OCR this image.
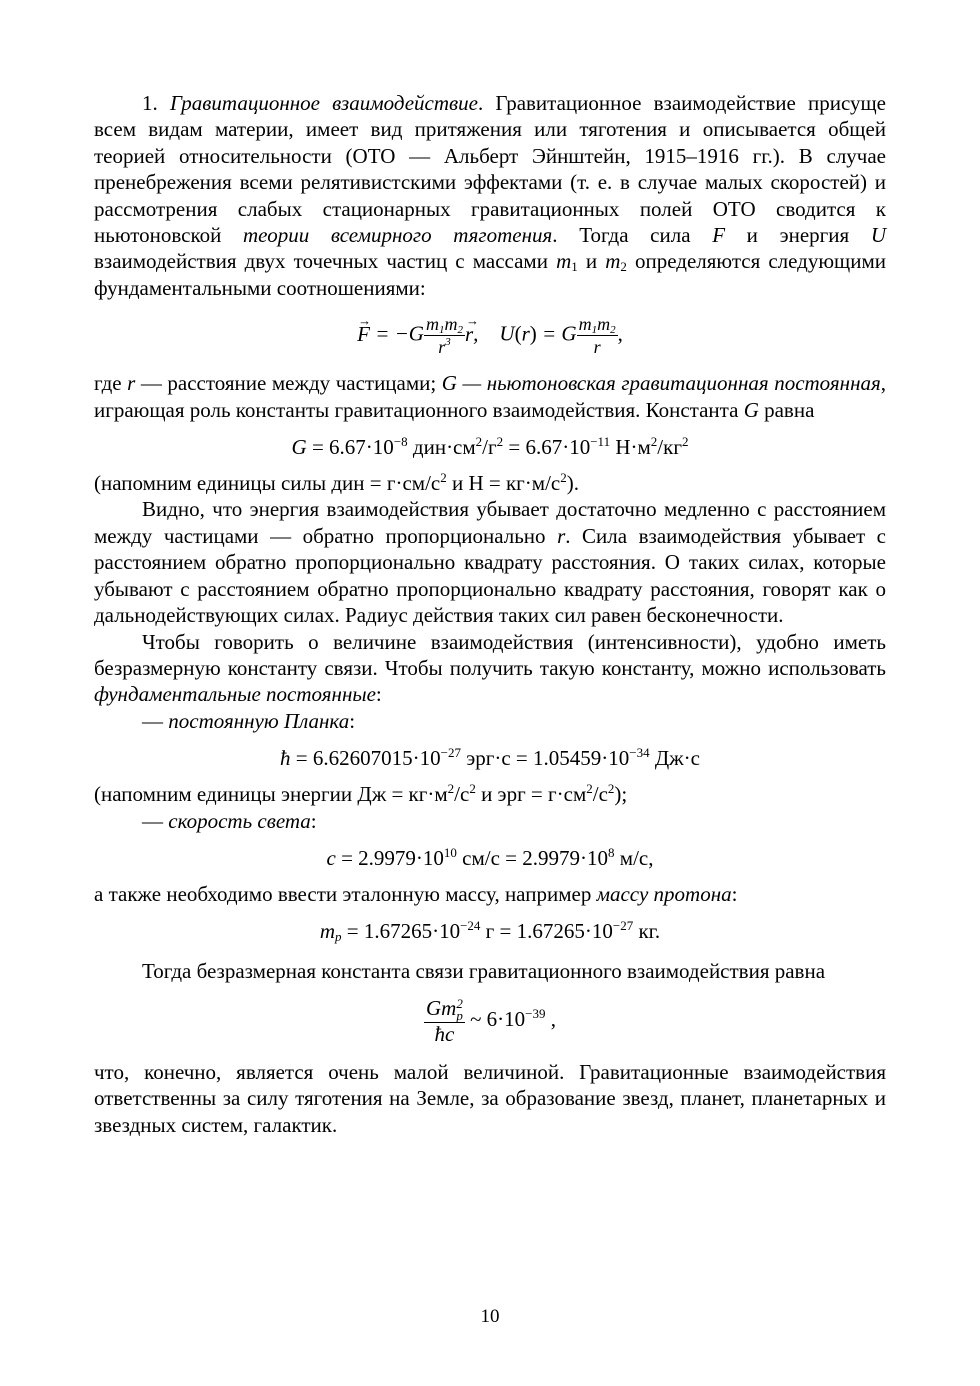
1. Гравитационное взаимодействие. Гравитационное взаимодействие присуще всем видам материи, имеет вид притяжения или тяготения и описывается общей теорией относительности (ОТО — Альберт Эйнштейн, 1915–1916 гг.). В случае пренебрежения всеми релятивистскими эффектами (т. е. в случае малых скоростей) и рассмотрения слабых стационарных гравитационных полей ОТО сводится к ньютоновской теории всемирного тяготения. Тогда сила F и энергия U взаимодействия двух точечных частиц с массами $m_1$ и $m_2$ определяются следующими фундаментальными соотношениями:

→ $F = -G \frac{m_1m_2}{r^3}$
→ r, U(r) = G $\frac{m_1m_2}{r}$ ,

где r — расстояние между частицами; G — ньютоновская гравитационная постоянная, играющая роль константы гравитационного взаимодействия. Константа G равна

$G = 6.67\cdot 10^{-8}$ $дин\cdot см^2/г^2 = 6.67\cdot 10^{-11}$ $Н\cdot м^2/кг^2$

(напомним единицы силы дин = $г\cdot см/с^2$ и $Н = кг\cdot м/с^2$).

Видно, что энергия взаимодействия убывает достаточно медленно с расстоянием между частицами — обратно пропорционально r. Сила взаимодействия убывает с расстоянием обратно пропорционально квадрату расстояния. О таких силах, которые убывают с расстоянием обратно пропорционально квадрату расстояния, говорят как о дальнодействующих силах. Радиус действия таких сил равен бесконечности.

Чтобы говорить о величине взаимодействия (интенсивности), удобно иметь безразмерную константу связи. Чтобы получить такую константу, можно использовать фундаментальные постоянные:

— постоянную Планка:

ħ = $6.62607015\cdot 10^{-27}$ $эрг\cdot с = 1.05459\cdot 10^{-34}$ Дж·с

(напомним единицы энергии Дж = $кг\cdot м^2/с^2$ и эрг = $г\cdot см^2/с^2$);

— скорость света:

$c = 2.9979\cdot 10^{10}$ $см/с = 2.9979\cdot 10^8$ м/с,

а также необходимо ввести эталонную массу, например массу протона:

$m_p = 1.67265\cdot 10^{-24}$ $г = 1.67265\cdot 10^{-27}$ кг.

Тогда безразмерная константа связи гравитационного взаимодействия равна

Gm 2
p
ħc ~ $6\cdot 10^{-39}$ ,

что, конечно, является очень малой величиной. Гравитационные взаимодействия ответственны за силу тяготения на Земле, за образование звезд, планет, планетарных и звездных систем, галактик.

10
